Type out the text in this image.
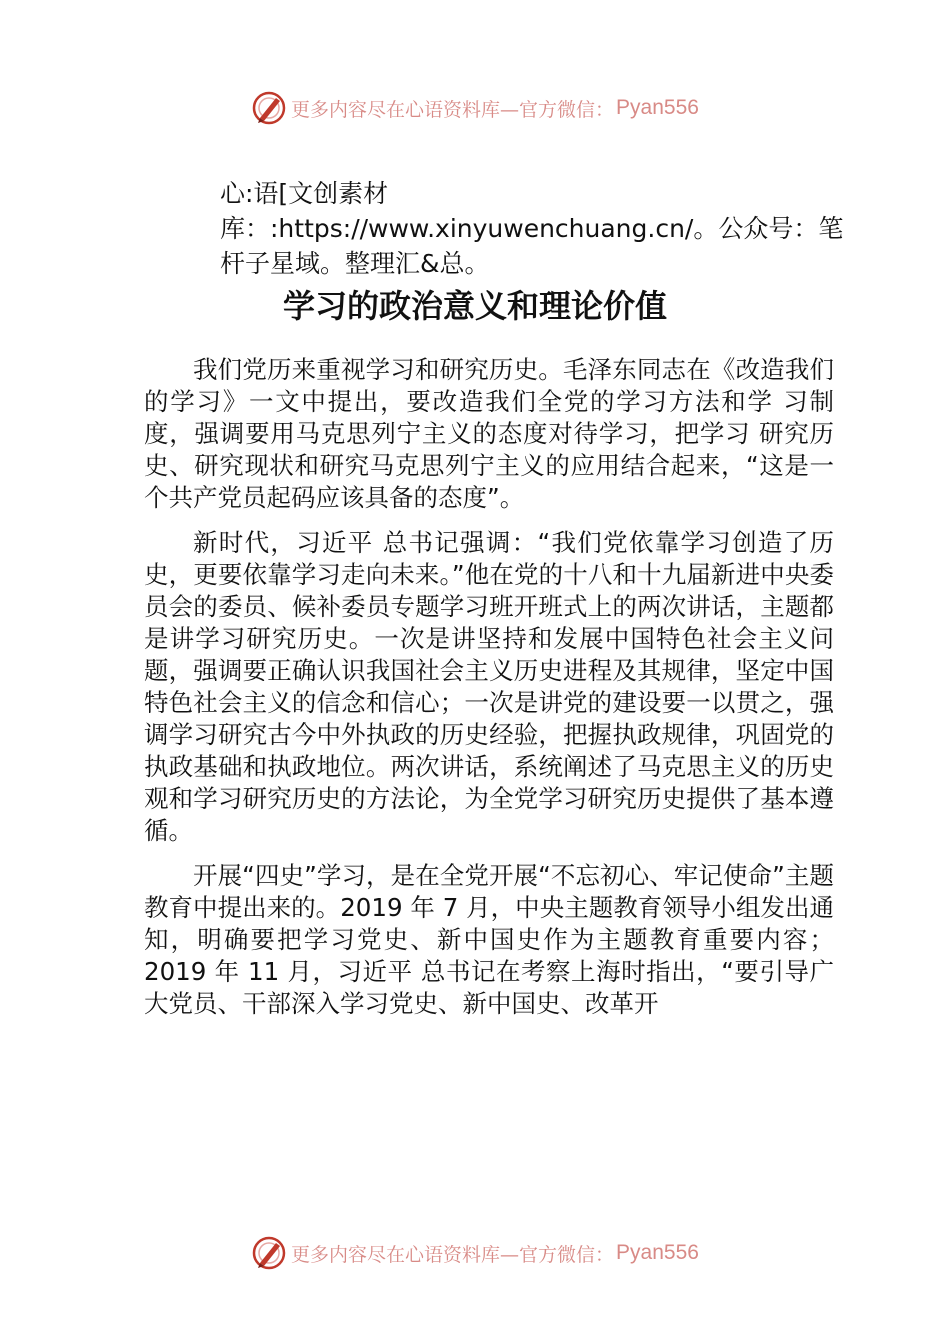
更多内容尽在心语资料库—官方微信： Pyan556

心:语[文创素材库：:https://www.xinyuwenchuang.cn/。公众号：笔杆子星域。整理汇&总。

学习的政治意义和理论价值

我们党历来重视学习和研究历史。毛泽东同志在《改造我们的学习》一文中提出，要改造我们全党的学习方法和学 习制度，强调要用马克思列宁主义的态度对待学习，把学习 研究历史、研究现状和研究马克思列宁主义的应用结合起来，“这是一个共产党员起码应该具备的态度”。

新时代，习近平 总书记强调：“我们党依靠学习创造了历史，更要依靠学习走向未来。”他在党的十八和十九届新进中央委员会的委员、候补委员专题学习班开班式上的两次讲话，主题都是讲学习研究历史。一次是讲坚持和发展中国特色社会主义问题，强调要正确认识我国社会主义历史进程及其规律，坚定中国特色社会主义的信念和信心；一次是讲党的建设要一以贯之，强调学习研究古今中外执政的历史经验，把握执政规律，巩固党的执政基础和执政地位。两次讲话，系统阐述了马克思主义的历史观和学习研究历史的方法论，为全党学习研究历史提供了基本遵循。

开展“四史”学习，是在全党开展“不忘初心、牢记使命”主题教育中提出来的。2019 年 7 月，中央主题教育领导小组发出通知，明确要把学习党史、新中国史作为主题教育重要内容；2019 年 11 月，习近平 总书记在考察上海时指出，“要引导广大党员、干部深入学习党史、新中国史、改革开

更多内容尽在心语资料库—官方微信： Pyan556
